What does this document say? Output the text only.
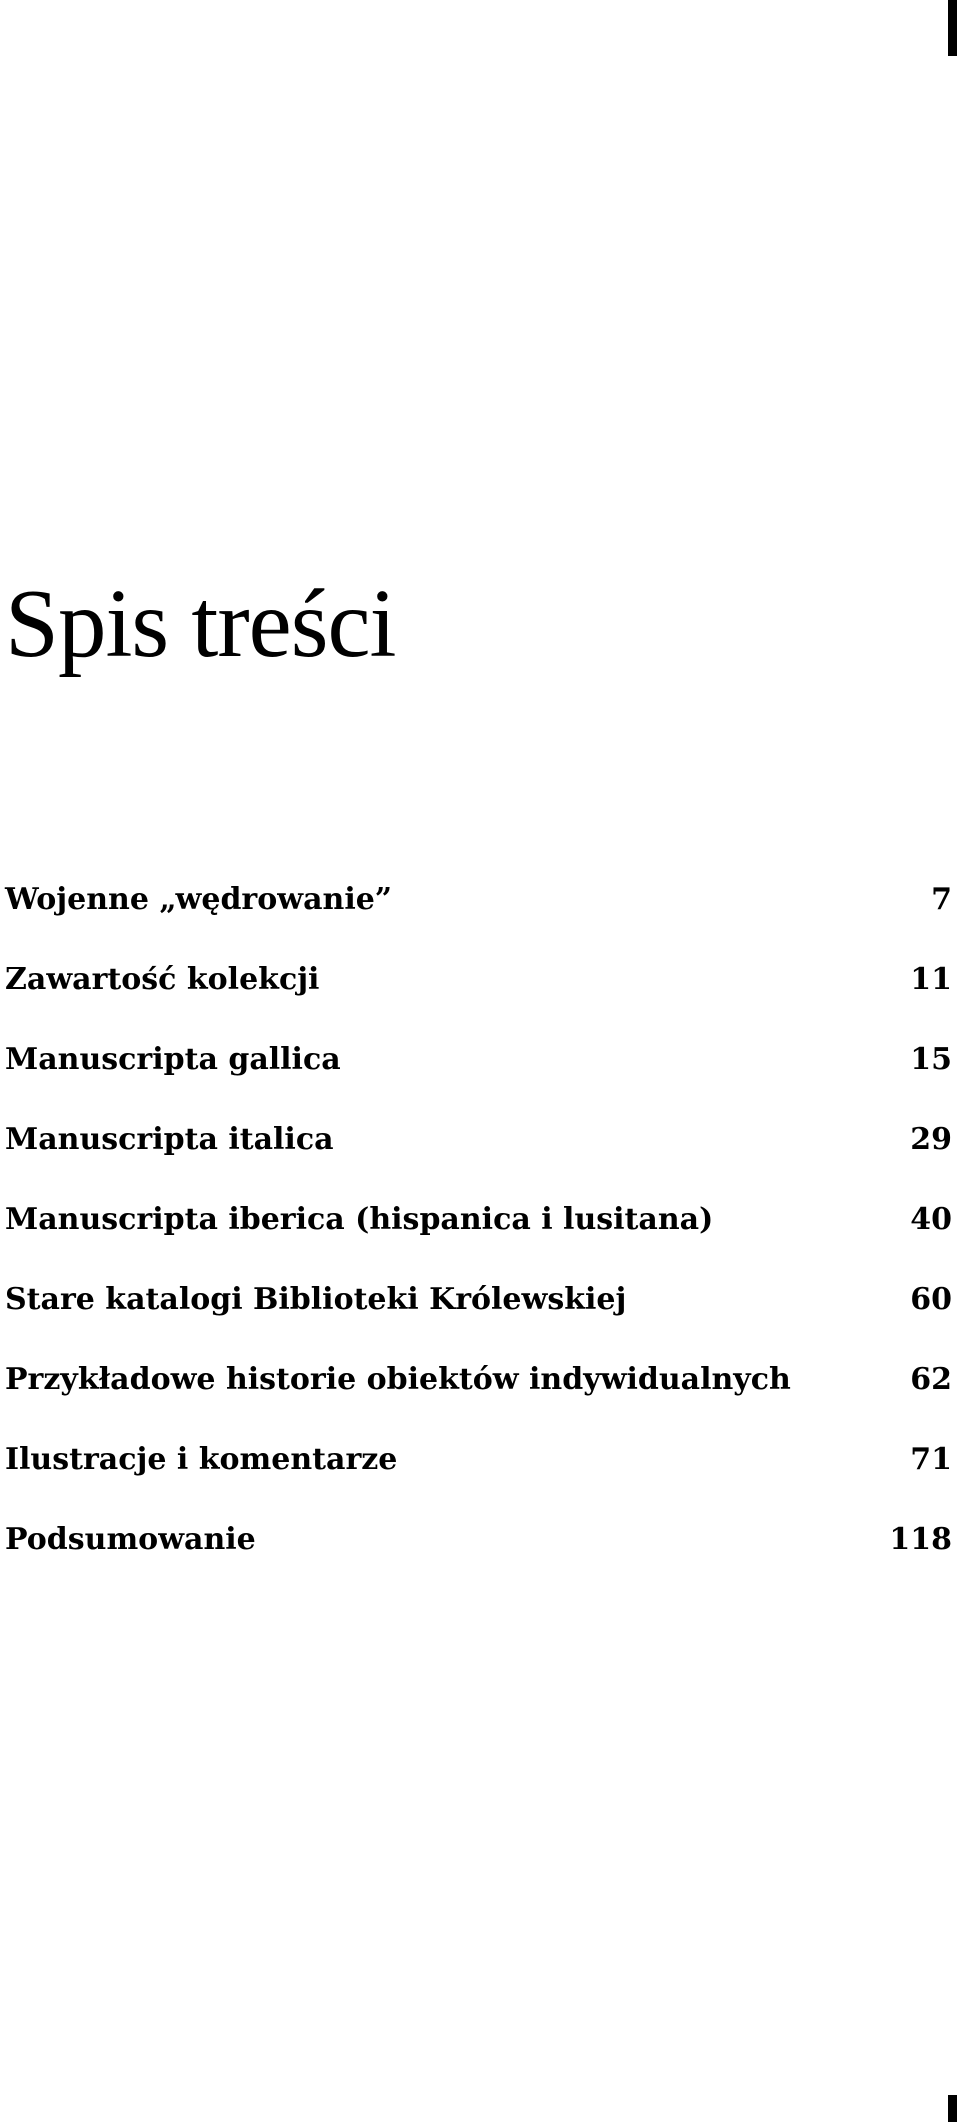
Spis treści
Wojenne „wędrowanie”	7
Zawartość kolekcji	11
Manuscripta gallica	15
Manuscripta italica	29
Manuscripta iberica (hispanica i lusitana)	40
Stare katalogi Biblioteki Królewskiej	60
Przykładowe historie obiektów indywidualnych	62
Ilustracje i komentarze	71
Podsumowanie	118
